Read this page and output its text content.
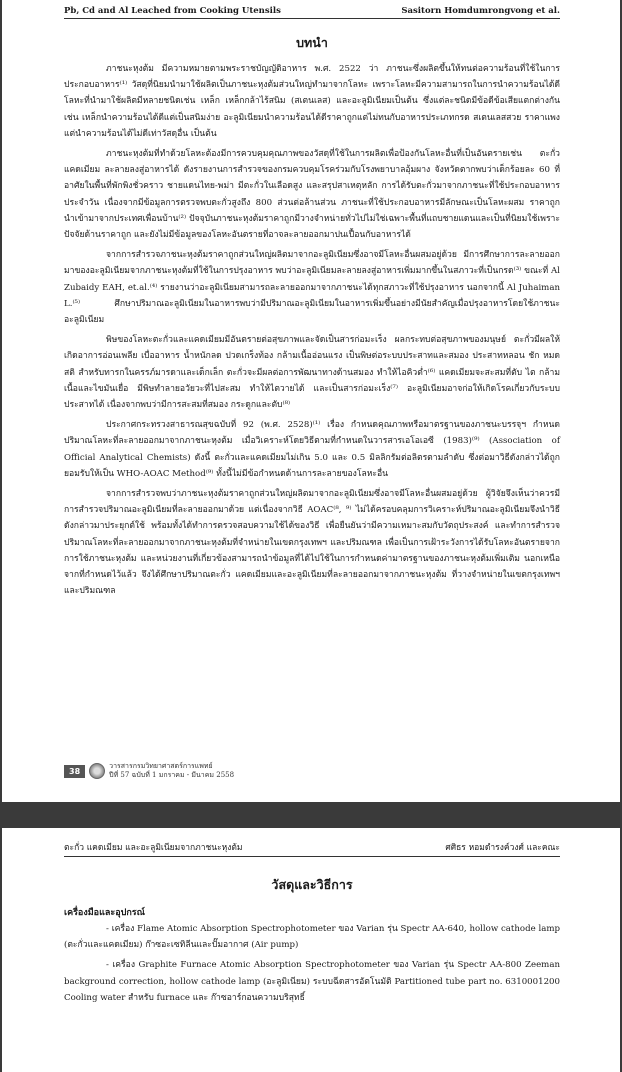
Pb, Cd and Al Leached from Cooking Utensils	Sasitorn Homdumrongvong et al.
บทนำ

ภาชนะหุงต้ม มีความหมายตามพระราชบัญญัติอาหาร พ.ศ. 2522 ว่า ภาชนะซึ่งผลิตขึ้นให้ทนต่อความร้อนที่ใช้ในการประกอบอาหาร⁽¹⁾ วัสดุที่นิยมนำมาใช้ผลิตเป็นภาชนะหุงต้มส่วนใหญ่ทำมาจากโลหะ เพราะโลหะมีความสามารถในการนำความร้อนได้ดี โลหะที่นำมาใช้ผลิตมีหลายชนิดเช่น เหล็ก เหล็กกล้าไร้สนิม (สเตนเลส) และอะลูมิเนียมเป็นต้น ซึ่งแต่ละชนิดมีข้อดีข้อเสียแตกต่างกันเช่น เหล็กนำความร้อนได้ดีแต่เป็นสนิมง่าย อะลูมิเนียมนำความร้อนได้ดีราคาถูกแต่ไม่ทนกับอาหารประเภทกรด สเตนเลสสวย ราคาแพง แต่นำความร้อนได้ไม่ดีเท่าวัสดุอื่น เป็นต้น

ภาชนะหุงต้มที่ทำด้วยโลหะต้องมีการควบคุมคุณภาพของวัสดุที่ใช้ในการผลิตเพื่อป้องกันโลหะอื่นที่เป็นอันตรายเช่น ตะกั่ว แคดเมียม ละลายลงสู่อาหารได้ ดังรายงานการสำรวจของกรมควบคุมโรคร่วมกับโรงพยาบาลอุ้มผาง จังหวัดตากพบว่าเด็กร้อยละ 60 ที่อาศัยในพื้นที่พักพิงชั่วคราว ชายแดนไทย-พม่า มีตะกั่วในเลือดสูง และสรุปสาเหตุหลัก การได้รับตะกั่วมาจากภาชนะที่ใช้ประกอบอาหารประจำวัน เนื่องจากมีข้อมูลการตรวจพบตะกั่วสูงถึง 800 ส่วนต่อล้านส่วน ภาชนะที่ใช้ประกอบอาหารมีลักษณะเป็นโลหะผสม ราคาถูก นำเข้ามาจากประเทศเพื่อนบ้าน⁽²⁾ ปัจจุบันภาชนะหุงต้มราคาถูกมีวางจำหน่ายทั่วไปไม่ใช่เฉพาะพื้นที่แถบชายแดนและเป็นที่นิยมใช้เพราะปัจจัยด้านราคาถูก และยังไม่มีข้อมูลของโลหะอันตรายที่อาจละลายออกมาปนเปื้อนกับอาหารได้

จากการสำรวจภาชนะหุงต้มราคาถูกส่วนใหญ่ผลิตมาจากอะลูมิเนียมซึ่งอาจมีโลหะอื่นผสมอยู่ด้วย มีการศึกษาการละลายออกมาของอะลูมิเนียมจากภาชนะหุงต้มที่ใช้ในการปรุงอาหาร พบว่าอะลูมิเนียมละลายลงสู่อาหารเพิ่มมากขึ้นในสภาวะที่เป็นกรด⁽³⁾ ขณะที่ Al Zubaidy EAH, et.al.⁽⁴⁾ รายงานว่าอะลูมิเนียมสามารถละลายออกมาจากภาชนะได้ทุกสภาวะที่ใช้ปรุงอาหาร นอกจากนี้ Al Juhaiman L.⁽⁵⁾ ศึกษาปริมาณอะลูมิเนียมในอาหารพบว่ามีปริมาณอะลูมิเนียมในอาหารเพิ่มขึ้นอย่างมีนัยสำคัญเมื่อปรุงอาหารโดยใช้ภาชนะอะลูมิเนียม

พิษของโลหะตะกั่วและแคดเมียมมีอันตรายต่อสุขภาพและจัดเป็นสารก่อมะเร็ง ผลกระทบต่อสุขภาพของมนุษย์ ตะกั่วมีผลให้เกิดอาการอ่อนเพลีย เบื่ออาหาร น้ำหนักลด ปวดเกร็งท้อง กล้ามเนื้ออ่อนแรง เป็นพิษต่อระบบประสาทและสมอง ประสาทหลอน ชัก หมดสติ สำหรับทารกในครรภ์มารดาและเด็กเล็ก ตะกั่วจะมีผลต่อการพัฒนาทางด้านสมอง ทำให้ไอคิวต่ำ⁽⁶⁾ แคดเมียมจะสะสมที่ตับ ไต กล้ามเนื้อและไขมันเยื่อ มีพิษทำลายอวัยวะที่ไปสะสม ทำให้ไตวายได้ และเป็นสารก่อมะเร็ง⁽⁷⁾ อะลูมิเนียมอาจก่อให้เกิดโรคเกี่ยวกับระบบประสาทได้ เนื่องจากพบว่ามีการสะสมที่สมอง กระดูกและตับ⁽⁸⁾

ประกาศกระทรวงสาธารณสุขฉบับที่ 92 (พ.ศ. 2528)⁽¹⁾ เรื่อง กำหนดคุณภาพหรือมาตรฐานของภาชนะบรรจุฯ กำหนดปริมาณโลหะที่ละลายออกมาจากภาชนะหุงต้ม เมื่อวิเคราะห์โดยวิธีตามที่กำหนดในวารสารเอโอเอซี (1983)⁽⁹⁾ (Association of Official Analytical Chemists) ดังนี้ ตะกั่วและแคดเมียมไม่เกิน 5.0 และ 0.5 มิลลิกรัมต่อลิตรตามลำดับ ซึ่งต่อมาวิธีดังกล่าวได้ถูกยอมรับให้เป็น WHO-AOAC Method⁽⁹⁾ ทั้งนี้ไม่มีข้อกำหนดด้านการละลายของโลหะอื่น

จากการสำรวจพบว่าภาชนะหุงต้มราคาถูกส่วนใหญ่ผลิตมาจากอะลูมิเนียมซึ่งอาจมีโลหะอื่นผสมอยู่ด้วย ผู้วิจัยจึงเห็นว่าควรมีการสำรวจปริมาณอะลูมิเนียมที่ละลายออกมาด้วย แต่เนื่องจากวิธี AOAC⁽⁸, ⁹⁾ ไม่ได้ครอบคลุมการวิเคราะห์ปริมาณอะลูมิเนียมจึงนำวิธีดังกล่าวมาประยุกต์ใช้ พร้อมทั้งได้ทำการตรวจสอบความใช้ได้ของวิธี เพื่อยืนยันว่ามีความเหมาะสมกับวัตถุประสงค์ และทำการสำรวจปริมาณโลหะที่ละลายออกมาจากภาชนะหุงต้มที่จำหน่ายในเขตกรุงเทพฯ และปริมณฑล เพื่อเป็นการเฝ้าระวังการได้รับโลหะอันตรายจากการใช้ภาชนะหุงต้ม และหน่วยงานที่เกี่ยวข้องสามารถนำข้อมูลที่ได้ไปใช้ในการกำหนดค่ามาตรฐานของภาชนะหุงต้มเพิ่มเติม นอกเหนือจากที่กำหนดไว้แล้ว จึงได้ศึกษาปริมาณตะกั่ว แคดเมียมและอะลูมิเนียมที่ละลายออกมาจากภาชนะหุงต้ม ที่วางจำหน่ายในเขตกรุงเทพฯ และปริมณฑล

38
วารสารกรมวิทยาศาสตร์การแพทย์
ปีที่ 57 ฉบับที่ 1 มกราคม - มีนาคม 2558
ตะกั่ว แคดเมียม และอะลูมิเนียมจากภาชนะหุงต้ม	ศศิธร หอมดำรงค์วงศ์ และคณะ
วัสดุและวิธีการ
เครื่องมือและอุปกรณ์

- เครื่อง Flame Atomic Absorption Spectrophotometer ของ Varian รุ่น Spectr AA-640, hollow cathode lamp (ตะกั่วและแคดเมียม) ก๊าซอะเซทิลีนและปั๊มอากาศ (Air pump)

- เครื่อง Graphite Furnace Atomic Absorption Spectrophotometer ของ Varian รุ่น Spectr AA-800 Zeeman background correction, hollow cathode lamp (อะลูมิเนียม) ระบบฉีดสารอัตโนมัติ Partitioned tube part no. 6310001200 Cooling water สำหรับ furnace และ ก๊าซอาร์กอนความบริสุทธิ์
